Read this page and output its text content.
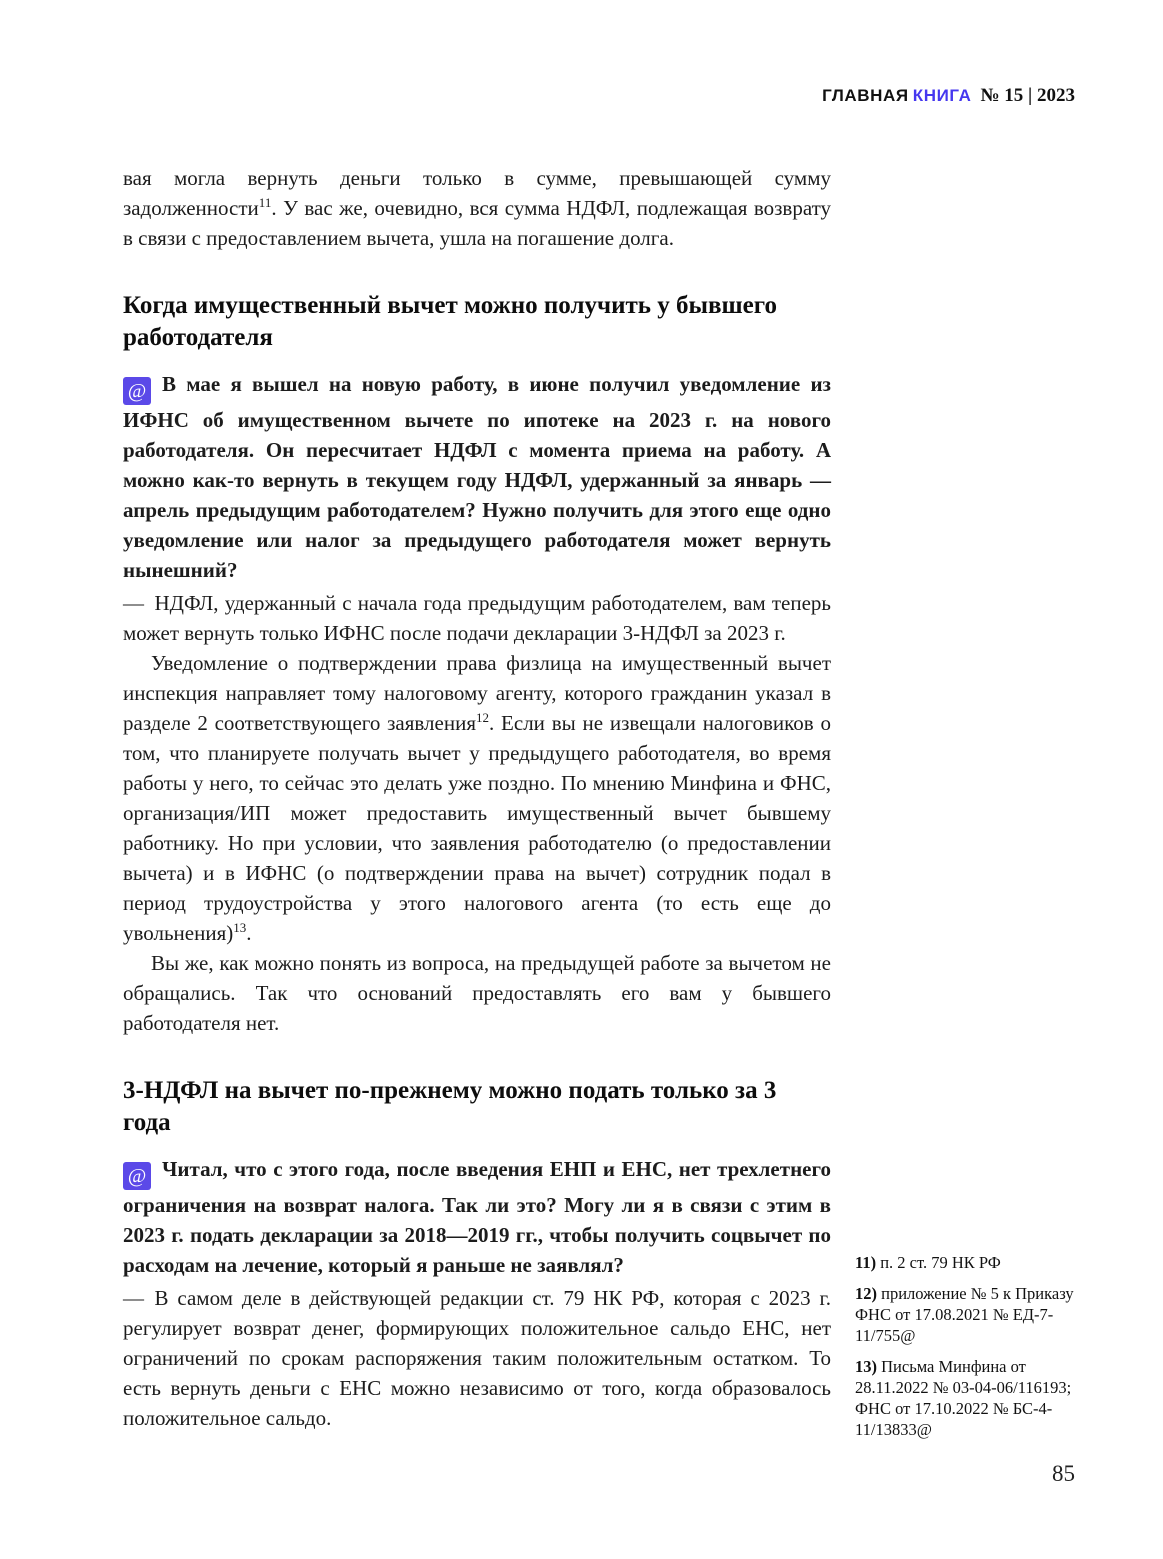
ГЛАВНАЯ КНИГА № 15 | 2023

вая могла вернуть деньги только в сумме, превышающей сумму задолженности$^{11}$. У вас же, очевидно, вся сумма НДФЛ, подлежащая возврату в связи с предоставлением вычета, ушла на погашение долга.

Когда имущественный вычет можно получить у бывшего работодателя

@ В мае я вышел на новую работу, в июне получил уведомление из ИФНС об имущественном вычете по ипотеке на 2023 г. на нового работодателя. Он пересчитает НДФЛ с момента приема на работу. А можно как-то вернуть в текущем году НДФЛ, удержанный за январь — апрель предыдущим работодателем? Нужно получить для этого еще одно уведомление или налог за предыдущего работодателя может вернуть нынешний?

— НДФЛ, удержанный с начала года предыдущим работодателем, вам теперь может вернуть только ИФНС после подачи декларации 3-НДФЛ за 2023 г.

Уведомление о подтверждении права физлица на имущественный вычет инспекция направляет тому налоговому агенту, которого гражданин указал в разделе 2 соответствующего заявления$^{12}$. Если вы не извещали налоговиков о том, что планируете получать вычет у предыдущего работодателя, во время работы у него, то сейчас это делать уже поздно. По мнению Минфина и ФНС, организация/ИП может предоставить имущественный вычет бывшему работнику. Но при условии, что заявления работодателю (о предоставлении вычета) и в ИФНС (о подтверждении права на вычет) сотрудник подал в период трудоустройства у этого налогового агента (то есть еще до увольнения)$^{13}$.

Вы же, как можно понять из вопроса, на предыдущей работе за вычетом не обращались. Так что оснований предоставлять его вам у бывшего работодателя нет.

3-НДФЛ на вычет по-прежнему можно подать только за 3 года

@ Читал, что с этого года, после введения ЕНП и ЕНС, нет трехлетнего ограничения на возврат налога. Так ли это? Могу ли я в связи с этим в 2023 г. подать декларации за 2018—2019 гг., чтобы получить соцвычет по расходам на лечение, который я раньше не заявлял?

— В самом деле в действующей редакции ст. 79 НК РФ, которая с 2023 г. регулирует возврат денег, формирующих положительное сальдо ЕНС, нет ограничений по срокам распоряжения таким положительным остатком. То есть вернуть деньги с ЕНС можно независимо от того, когда образовалось положительное сальдо.

11) п. 2 ст. 79 НК РФ

12) приложение № 5 к Приказу ФНС от 17.08.2021 № ЕД-7-11/755@

13) Письма Минфина от 28.11.2022 № 03-04-06/116193; ФНС от 17.10.2022 № БС-4-11/13833@

85
